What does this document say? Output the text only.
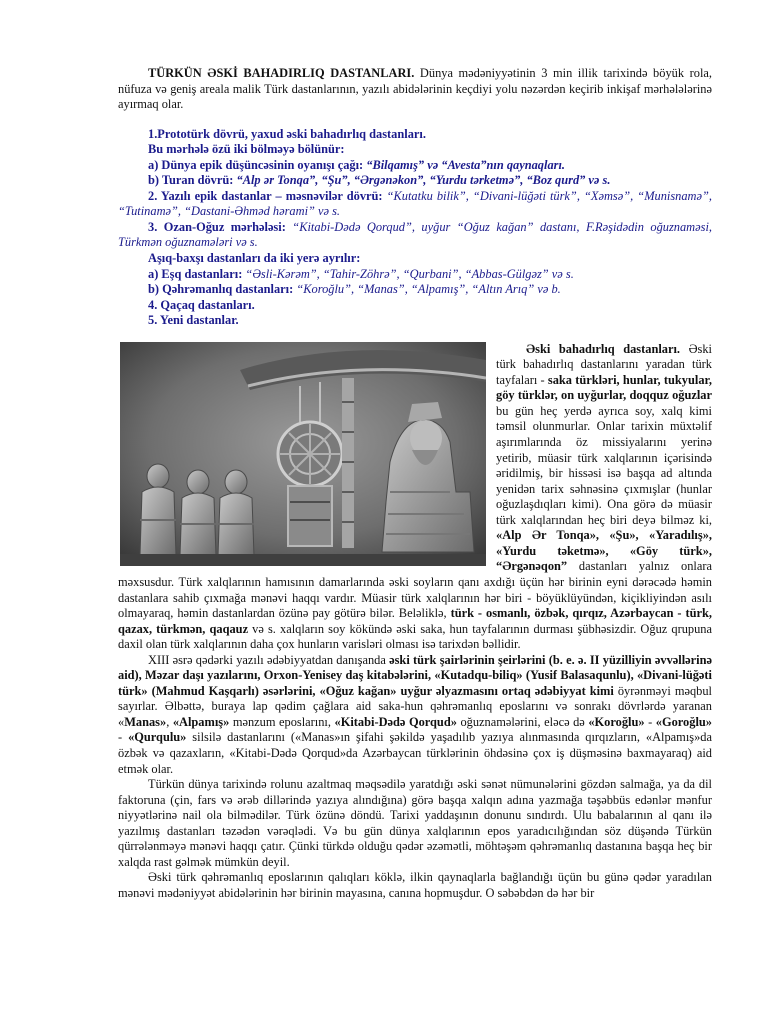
TÜRKÜN ƏSKİ BAHADIRLIQ DASTANLARI. Dünya mədəniyyətinin 3 min illik tarixində böyük rola, nüfuza və geniş areala malik Türk dastanlarının, yazılı abidələrinin keçdiyi yolu nəzərdən keçirib inkişaf mərhələlərinə ayırmaq olar.

1.Prototürk dövrü, yaxud əski bahadırlıq dastanları.

Bu mərhələ özü iki bölməyə bölünür:

a) Dünya epik düşüncəsinin oyanışı çağı: “Bilqamış” və “Avesta”nın qaynaqları.

b) Turan dövrü: “Alp ər Tonqa”, “Şu”, “Ərgənəkon”, “Yurdu tərketmə”, “Boz qurd” və s.

2. Yazılı epik dastanlar – məsnəvilər dövrü: “Kutatku bilik”, “Divani-lüğəti türk”, “Xəmsə”, “Munisnamə”, “Tutinamə”, “Dastani-Əhməd hərami” və s.

3. Ozan-Oğuz mərhələsi: “Kitabi-Dədə Qorqud”, uyğur “Oğuz kağan” dastanı, F.Rəşidədin oğuznaməsi, Türkmən oğuznamələri və s.

Aşıq-baxşı dastanları da iki yerə ayrılır:

a) Eşq dastanları: “Əsli-Kərəm”, “Tahir-Zöhrə”, “Qurbani”, “Abbas-Gülgəz” və s.

b) Qəhrəmanlıq dastanları: “Koroğlu”, “Manas”, “Alpamış”, “Altın Arıq” və b.

4. Qaçaq dastanları.

5. Yeni dastanlar.

Əski bahadırlıq dastanları. Əski türk bahadırlıq dastanlarını yaradan türk tayfaları - saka türkləri, hunlar, tukyular, göy türklər, on uyğurlar, doqquz oğuzlar bu gün heç yerdə ayrıca soy, xalq kimi təmsil olunmurlar. Onlar tarixin müxtəlif aşırımlarında öz missiyalarını yerinə yetirib, müasir türk xalqlarının içərisində əridilmiş, bir hissəsi isə başqa ad altında yenidən tarix səhnəsinə çıxmışlar (hunlar oğuzlaşdıqları kimi). Ona görə də müasir türk xalqlarından heç biri deyə bilməz ki, «Alp Ər Tonqa», «Şu», «Yaradılış», «Yurdu təketmə», «Göy türk», “Ərgənəqon” dastanları yalnız onlara məxsusdur. Türk xalqlarının hamısının damarlarında əski soyların qanı axdığı üçün hər birinin eyni dərəcədə həmin dastanlara sahib çıxmağa mənəvi haqqı vardır. Müasir türk xalqlarının hər biri - böyüklüyündən, kiçikliyindən asılı olmayaraq, həmin dastanlardan özünə pay götürə bilər. Beləliklə, türk - osmanlı, özbək, qırqız, Azərbaycan - türk, qazax, türkmən, qaqauz və s. xalqların soy kökündə əski saka, hun tayfalarının durması şübhəsizdir. Oğuz qrupuna daxil olan türk xalqlarının daha çox hunların varisləri olması isə tarixdən bəllidir.

XIII əsrə qədərki yazılı ədəbiyyatdan danışanda əski türk şairlərinin şeirlərini (b. e. ə. II yüzilliyin əvvəllərinə aid), Məzar daşı yazılarını, Orxon-Yenisey daş kitabələrini, «Kutadqu-biliq» (Yusif Balasaqunlu), «Divani-lüğəti türk» (Mahmud Kaşqarlı) əsərlərini, «Oğuz kağan» uyğur əlyazmasını ortaq ədəbiyyat kimi öyrənməyi məqbul sayırlar. Əlbəttə, buraya lap qədim çağlara aid saka-hun qəhrəmanlıq eposlarını və sonrakı dövrlərdə yaranan «Manas», «Alpamış» mənzum eposlarını, «Kitabi-Dədə Qorqud» oğuznamələrini, eləcə də «Koroğlu» - «Goroğlu» - «Qurqulu» silsilə dastanlarını («Manas»ın şifahi şəkildə yaşadılıb yazıya alınmasında qırqızların, «Alpamış»da özbək və qazaxların, «Kitabi-Dədə Qorqud»da Azərbaycan türklərinin öhdəsinə çox iş düşməsinə baxmayaraq) aid etmək olar.

Türkün dünya tarixində rolunu azaltmaq məqsədilə yaratdığı əski sənət nümunələrini gözdən salmağa, ya da dil faktoruna (çin, fars və ərəb dillərində yazıya alındığına) görə başqa xalqın adına yazmağa təşəbbüs edənlər mənfur niyyətlərinə nail ola bilmədilər. Türk özünə döndü. Tarixi yaddaşının donunu sındırdı. Ulu babalarının al qanı ilə yazılmış dastanları təzədən vərəqlədi. Və bu gün dünya xalqlarının epos yaradıcılığından söz düşəndə Türkün qürrələnməyə mənəvi haqqı çatır. Çünki türkdə olduğu qədər əzəmətli, möhtəşəm qəhrəmanlıq dastanına başqa heç bir xalqda rast gəlmək mümkün deyil.

Əski türk qəhrəmanlıq eposlarının qalıqları köklə, ilkin qaynaqlarla bağlandığı üçün bu günə qədər yaradılan mənəvi mədəniyyət abidələrinin hər birinin mayasına, canına hopmuşdur. O səbəbdən də hər bir
